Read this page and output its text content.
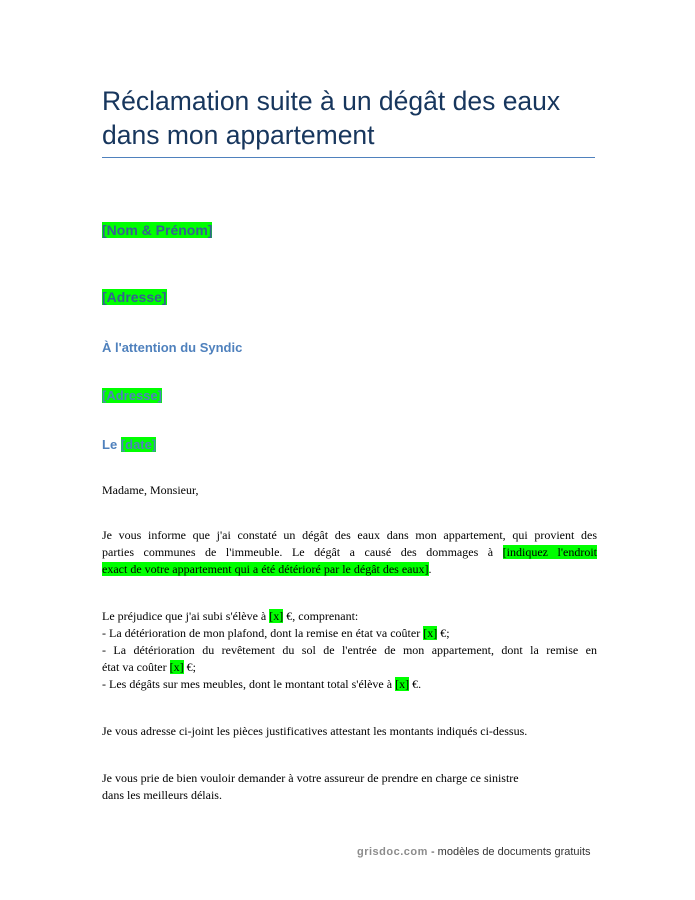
Réclamation suite à un dégât des eaux
dans mon appartement
[Nom & Prénom]
[Adresse]
À l'attention du Syndic
[Adresse]
Le [date]
Madame, Monsieur,
Je vous informe que j'ai constaté un dégât des eaux dans mon appartement, qui provient des
parties communes de l'immeuble. Le dégât a causé des dommages à [indiquez l'endroit
exact de votre appartement qui a été détérioré par le dégât des eaux].
Le préjudice que j'ai subi s'élève à [x] €, comprenant:
- La détérioration de mon plafond, dont la remise en état va coûter [x] €;
- La détérioration du revêtement du sol de l'entrée de mon appartement, dont la remise en
état va coûter [x] €;
- Les dégâts sur mes meubles, dont le montant total s'élève à [x] €.
Je vous adresse ci-joint les pièces justificatives attestant les montants indiqués ci-dessus.
Je vous prie de bien vouloir demander à votre assureur de prendre en charge ce sinistre
dans les meilleurs délais.
grisdoc.com - modèles de documents gratuits
